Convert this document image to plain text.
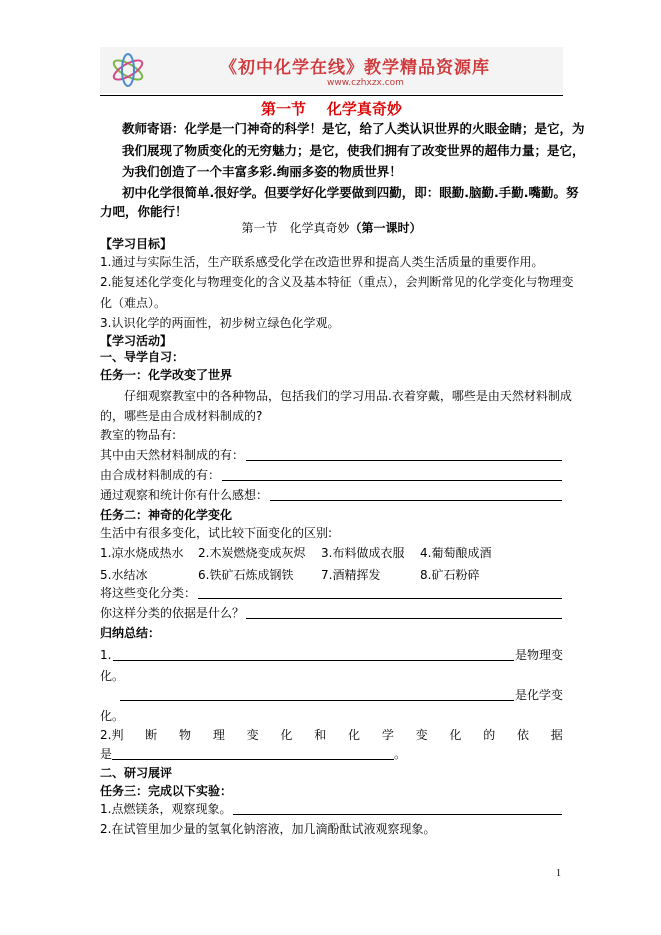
《初中化学在线》教学精品资源库
www.czhxzx.com
第一节    化学真奇妙
教师寄语：化学是一门神奇的科学！是它，给了人类认识世界的火眼金睛；是它，为
我们展现了物质变化的无穷魅力；是它，使我们拥有了改变世界的超伟力量；是它，
为我们创造了一个丰富多彩.绚丽多姿的物质世界！
初中化学很简单.很好学。但要学好化学要做到四勤，即：眼勤.脑勤.手勤.嘴勤。努
力吧，你能行！
第一节　化学真奇妙 （第一课时）
【学习目标】
1.通过与实际生活，生产联系感受化学在改造世界和提高人类生活质量的重要作用。
2.能复述化学变化与物理变化的含义及基本特征（重点），会判断常见的化学变化与物理变
化（难点）。
3.认识化学的两面性，初步树立绿色化学观。
【学习活动】
一、导学自习：
任务一：化学改变了世界
　　仔细观察教室中的各种物品，包括我们的学习用品.衣着穿戴，哪些是由天然材料制成
的，哪些是由合成材料制成的?
教室的物品有:
其中由天然材料制成的有：
由合成材料制成的有：
通过观察和统计你有什么感想：
任务二：神奇的化学变化
生活中有很多变化，试比较下面变化的区别:
1.凉水烧成热水	2.木炭燃烧变成灰烬	3.布料做成衣服	4.葡萄酿成酒
5.水结冰	6.铁矿石炼成钢铁	7.酒精挥发	8.矿石粉碎
将这些变化分类：
你这样分类的依据是什么？
归纳总结：
1.	是物理变
化。
是化学变
化。
2.判 断 物 理 变 化 和 化 学 变 化 的 依 据
是	。
二、研习展评
任务三：完成以下实验：
1.点燃镁条，观察现象。
2.在试管里加少量的氢氧化钠溶液，加几滴酚酞试液观察现象。
1
